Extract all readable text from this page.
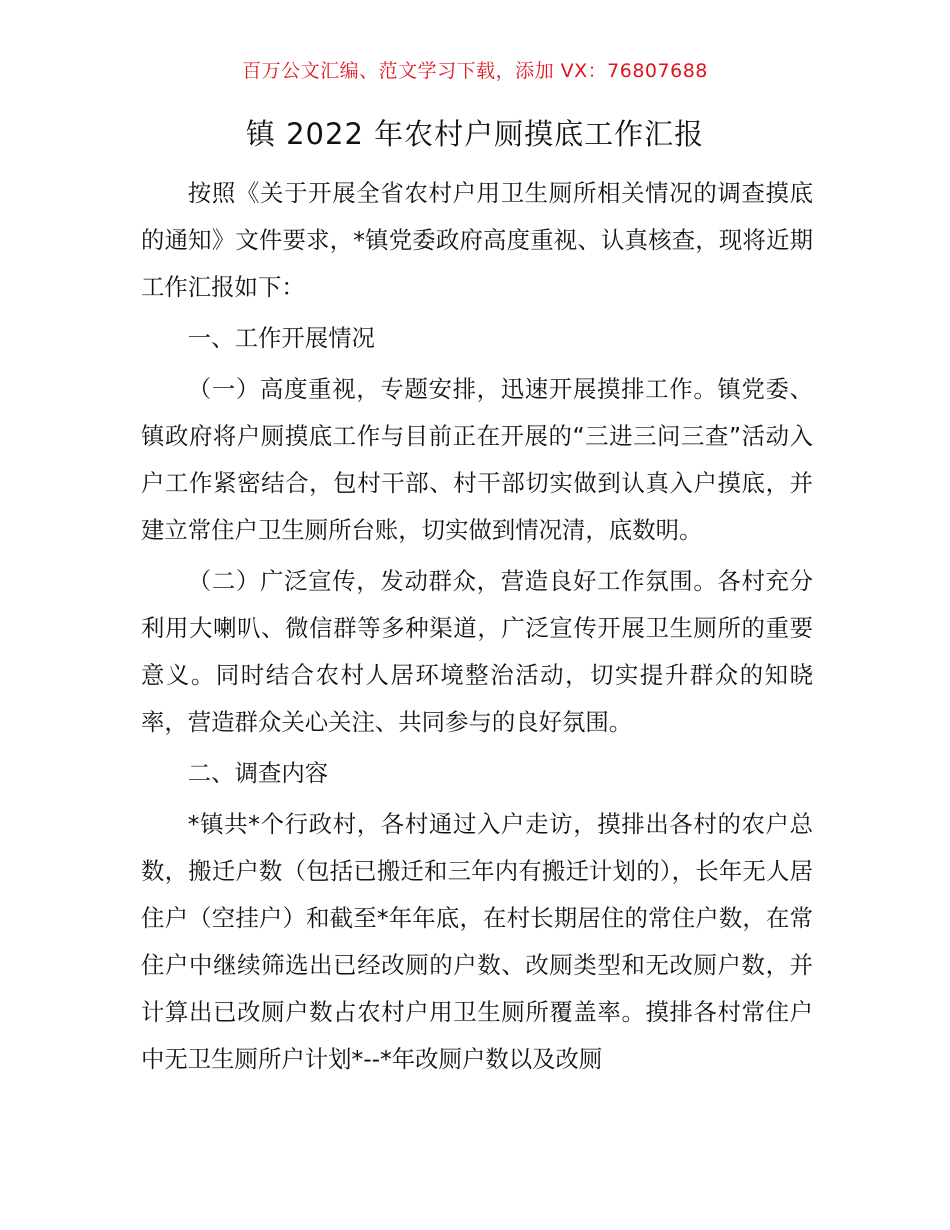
百万公文汇编、范文学习下载，添加 VX：76807688
镇 2022 年农村户厕摸底工作汇报

按照《关于开展全省农村户用卫生厕所相关情况的调查摸底的通知》文件要求，*镇党委政府高度重视、认真核查，现将近期工作汇报如下：

一、工作开展情况

（一）高度重视，专题安排，迅速开展摸排工作。镇党委、镇政府将户厕摸底工作与目前正在开展的“三进三问三查”活动入户工作紧密结合，包村干部、村干部切实做到认真入户摸底，并建立常住户卫生厕所台账，切实做到情况清，底数明。

（二）广泛宣传，发动群众，营造良好工作氛围。各村充分利用大喇叭、微信群等多种渠道，广泛宣传开展卫生厕所的重要意义。同时结合农村人居环境整治活动，切实提升群众的知晓率，营造群众关心关注、共同参与的良好氛围。

二、调查内容

*镇共*个行政村，各村通过入户走访，摸排出各村的农户总数，搬迁户数（包括已搬迁和三年内有搬迁计划的），长年无人居住户（空挂户）和截至*年年底，在村长期居住的常住户数，在常住户中继续筛选出已经改厕的户数、改厕类型和无改厕户数，并计算出已改厕户数占农村户用卫生厕所覆盖率。摸排各村常住户中无卫生厕所户计划*--*年改厕户数以及改厕
